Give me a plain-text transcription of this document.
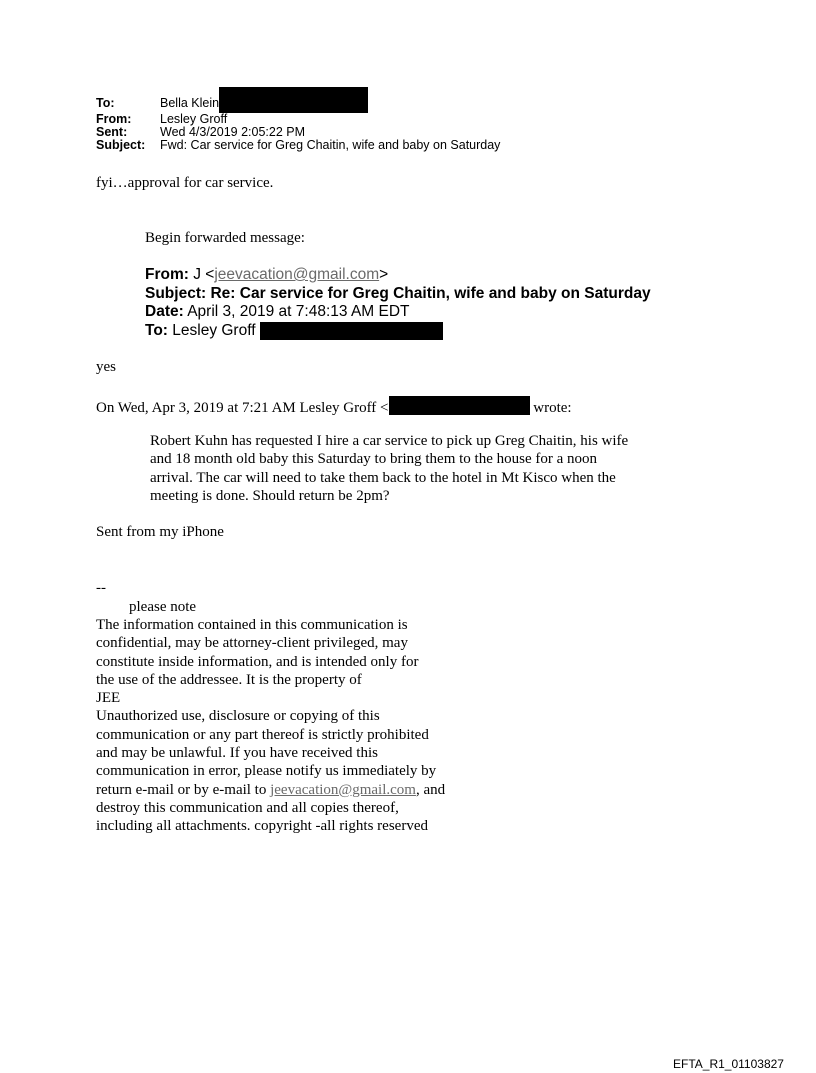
To:	Bella Klein
From:	Lesley Groff
Sent:	Wed 4/3/2019 2:05:22 PM
Subject:	Fwd: Car service for Greg Chaitin, wife and baby on Saturday
fyi…approval for car service.
Begin forwarded message:
From: J <jeevacation@gmail.com>
Subject: Re: Car service for Greg Chaitin, wife and baby on Saturday
Date: April 3, 2019 at 7:48:13 AM EDT
To: Lesley Groff
yes
On Wed, Apr 3, 2019 at 7:21 AM Lesley Groff <	wrote:
Robert Kuhn has requested I hire a car service to pick up Greg Chaitin, his wife
and 18 month old baby this Saturday to bring them to the house for a noon
arrival. The car will need to take them back to the hotel in Mt Kisco when the
meeting is done. Should return be 2pm?
Sent from my iPhone
--
please note
The information contained in this communication is
confidential, may be attorney-client privileged, may
constitute inside information, and is intended only for
the use of the addressee. It is the property of
JEE
Unauthorized use, disclosure or copying of this
communication or any part thereof is strictly prohibited
and may be unlawful. If you have received this
communication in error, please notify us immediately by
return e-mail or by e-mail to jeevacation@gmail.com, and
destroy this communication and all copies thereof,
including all attachments. copyright -all rights reserved
EFTA_R1_01103827
